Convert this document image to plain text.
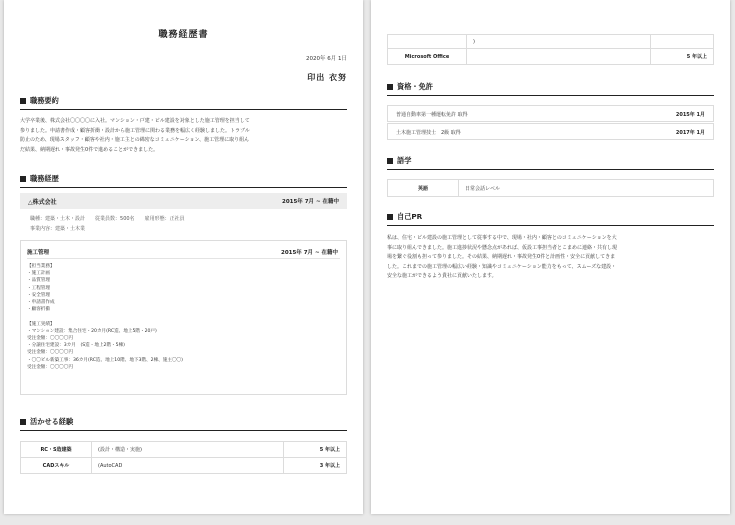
職務経歴書
2020年 6月 1日
印出 衣努
職務要約
大学卒業後、株式会社〇〇〇〇に入社。マンション・戸建・ビル建設を対象とした施工管理を担当して
参りました。申請書作成・顧客折衝・設計から施工管理に関わる業務を幅広く経験しました。トラブル
防止のため、現場スタッフ・顧客や社内・施工主との綿密なコミュニケーション、施工管理に取り組ん
だ結果、納期遅れ・事故発生0件で進めることができました。
職務経歴
△株式会社	2015年 7月 ~ 在籍中
職種：建築・土木・設計 従業員数：500名 雇用形態：正社員
事業内容：建築・土木業
施工管理	2015年 7月 ~ 在籍中
【担当業務】
・施工計画
・品質管理
・工程管理
・安全管理
・申請書作成
・顧客折衝
【施工実績】
・マンション建設：集合住宅・20カ月(RC造、地上5階・20戸)
受注金額：〇〇〇〇円
・分譲住宅建設：3カ月　(S造・地上2階・5棟)
受注金額：〇〇〇〇円
・〇〇ビル新築工事：36カ月(RC造、地上10階、地下3階、2棟、施主〇〇)
受注金額：〇〇〇〇円
活かせる経験
RC・S造建築	(設計・構造・実施)	5 年以上
CADスキル	(AutoCAD	3 年以上
	)	
Microsoft Office		5 年以上
資格・免許
普通自動車第一種運転免許 取得	2015年 1月
土木施工管理技士　2級 取得	2017年 1月
語学
英語	日常会話レベル
自己PR
私は、住宅・ビル建設の施工管理として従事する中で、現場・社内・顧客とのコミュニケーションを大
事に取り組んできました。施工進捗状況や懸念点があれば、仮設工事担当者とこまめに連絡・共有し現
場を繋ぐ役割も担って参りました。その結果、納期遅れ・事故発生0件と計画性・安全に貢献してきま
した。これまでの施工管理の幅広い経験・知識やコミュニケーション能力をもって、スムーズな建設・
安全な施工ができるよう貴社に貢献いたします。
